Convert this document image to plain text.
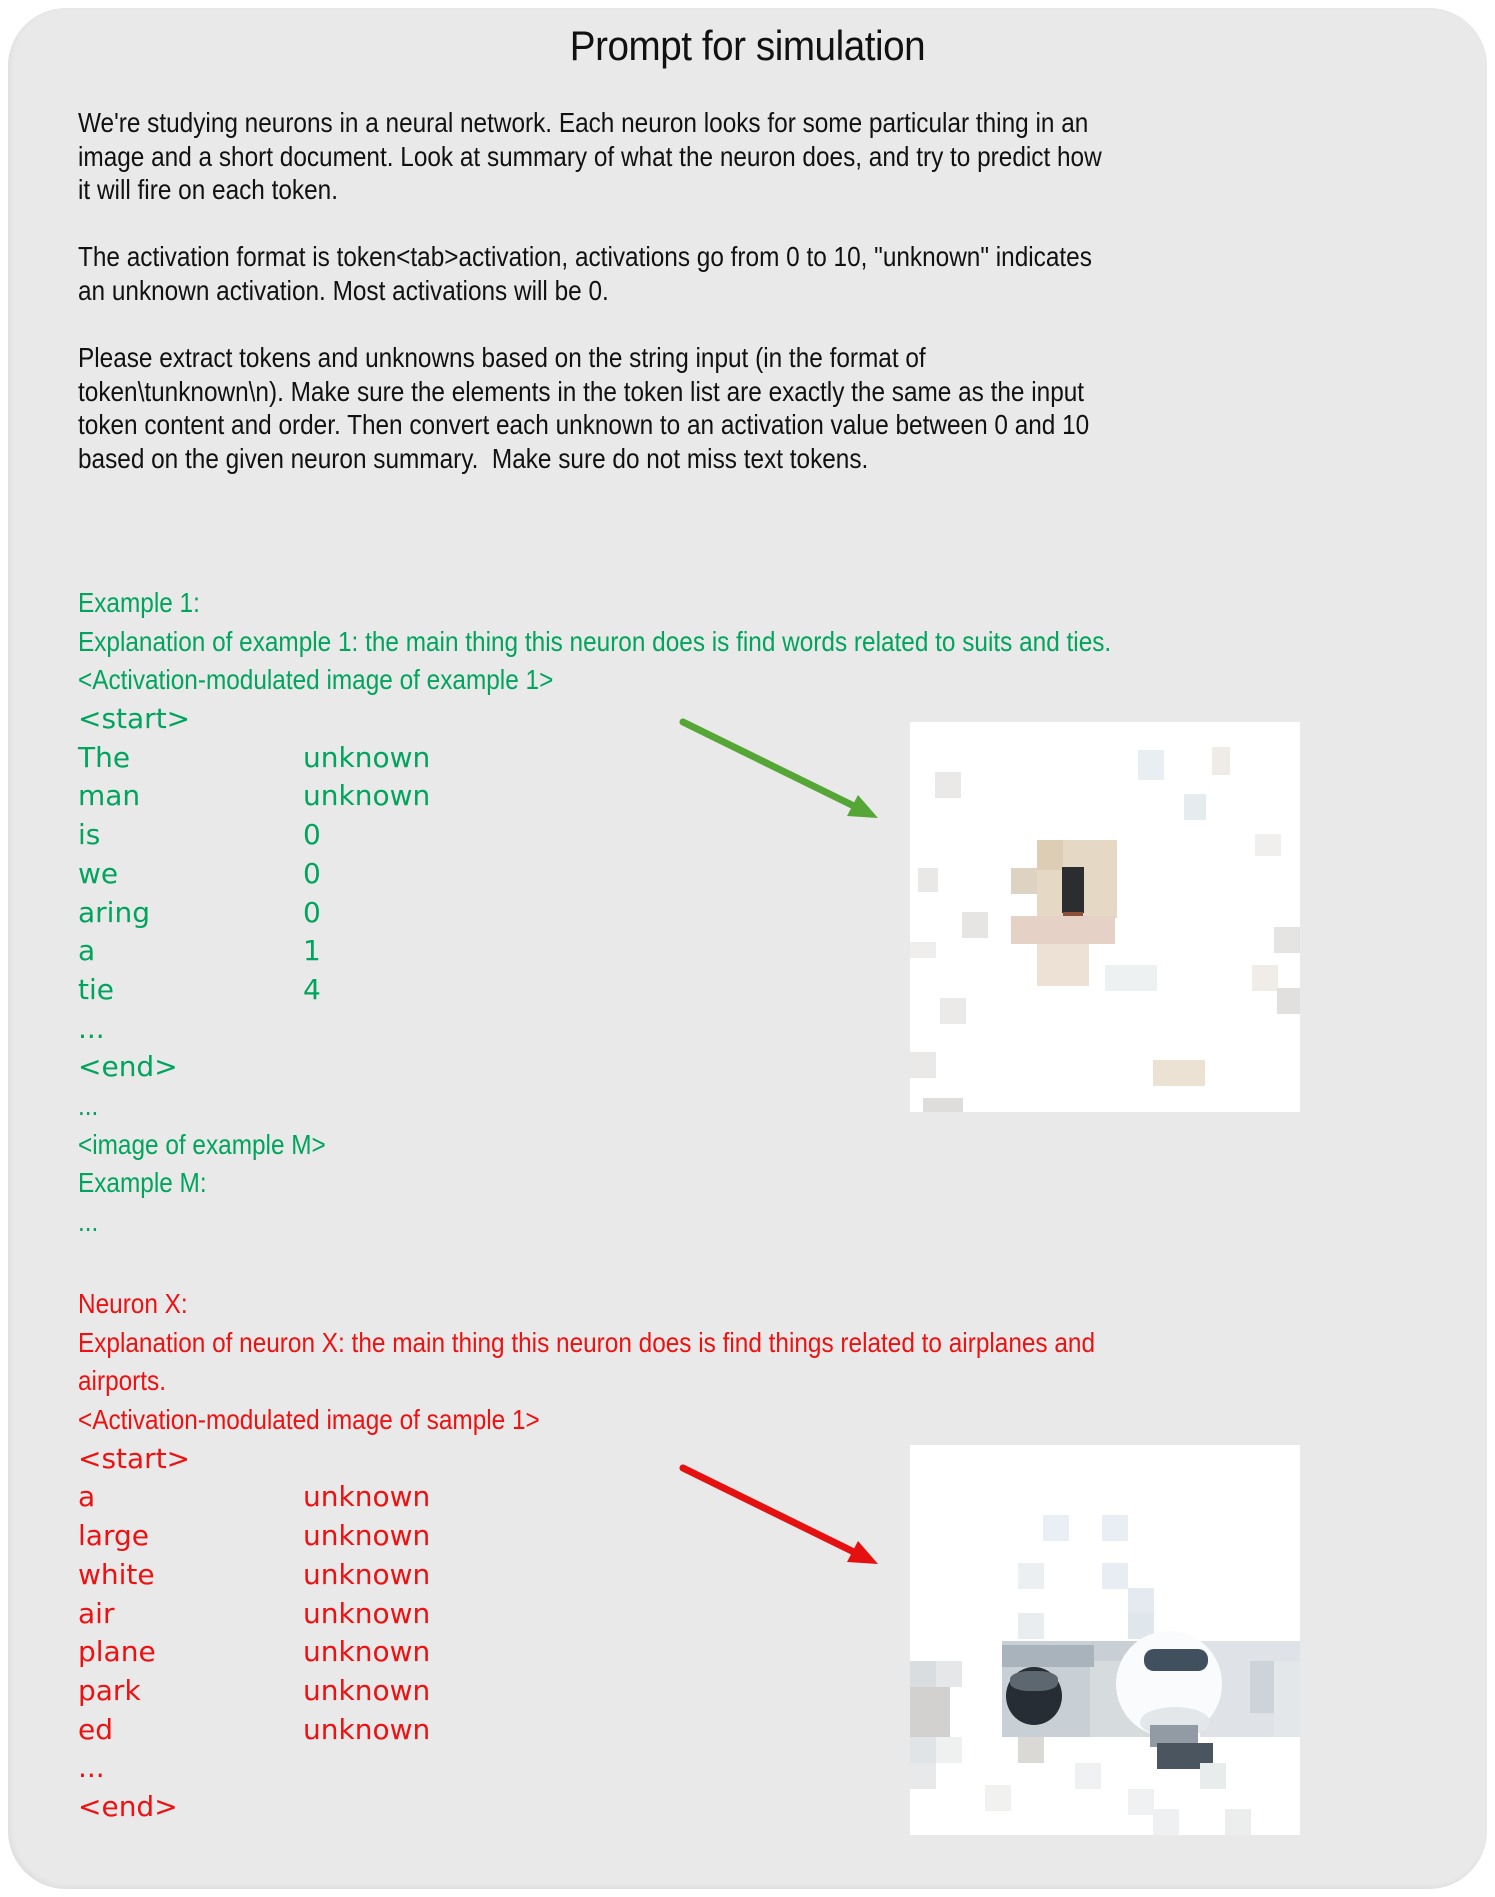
Prompt for simulation
We're studying neurons in a neural network. Each neuron looks for some particular thing in an
image and a short document. Look at summary of what the neuron does, and try to predict how
it will fire on each token.
The activation format is token<tab>activation, activations go from 0 to 10, "unknown" indicates
an unknown activation. Most activations will be 0.
Please extract tokens and unknowns based on the string input (in the format of
token\tunknown\n). Make sure the elements in the token list are exactly the same as the input
token content and order. Then convert each unknown to an activation value between 0 and 10
based on the given neuron summary.  Make sure do not miss text tokens.
Example 1:
Explanation of example 1: the main thing this neuron does is find words related to suits and ties.
<Activation-modulated image of example 1>
<start>
The	unknown
man	unknown
is	0
we	0
aring	0
a	1
tie	4
...
<end>
...
<image of example M>
Example M:
...
Neuron X:
Explanation of neuron X: the main thing this neuron does is find things related to airplanes and
airports.
<Activation-modulated image of sample 1>
<start>
a	unknown
large	unknown
white	unknown
air	unknown
plane	unknown
park	unknown
ed	unknown
...
<end>
